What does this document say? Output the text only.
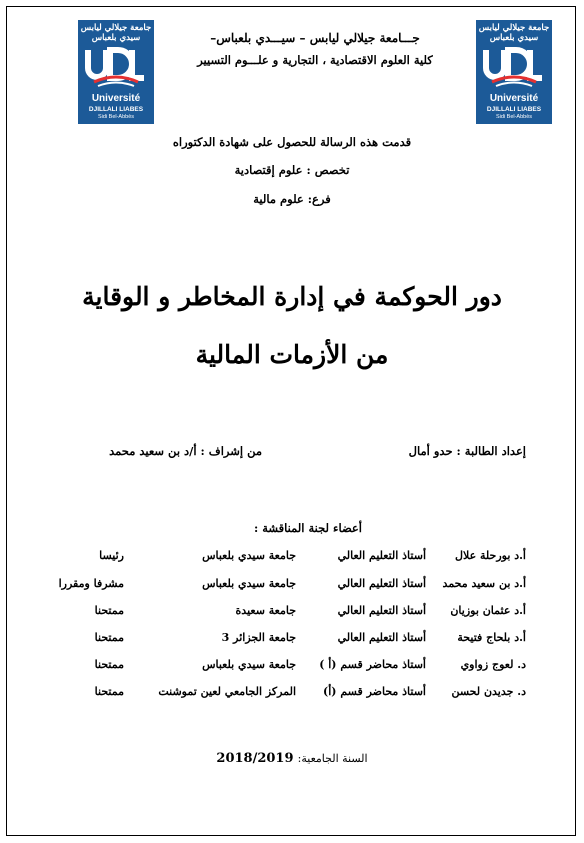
جامعة جيلالي ليابس
سيدي بلعباس
Université
DJILLALI LIABES
Sidi Bel-Abbès
جامعة جيلالي ليابس
سيدي بلعباس
Université
DJILLALI LIABES
Sidi Bel-Abbès
جـــامعة جيلالي ليابس – سيـــدي بلعباس–
كلية العلوم الاقتصادية ، التجارية و علـــوم التسيير
قدمت هذه الرسالة للحصول على شهادة الدكتوراه
تخصص : علوم إقتصادية
فرع: علوم مالية
دور الحوكمة في إدارة المخاطر و الوقاية
من الأزمات المالية
إعداد الطالبة : حدو أمال
من إشراف : أ/د بن سعيد محمد
أعضاء لجنة المناقشة :
أ.د بورحلة علال
أستاذ التعليم العالي
جامعة سيدي بلعباس
رئيسا
أ.د بن سعيد محمد
أستاذ التعليم العالي
جامعة سيدي بلعباس
مشرفا ومقررا
أ.د عثمان بوزيان
أستاذ التعليم العالي
جامعة سعيدة
ممتحنا
أ.د بلحاج فتيحة
أستاذ التعليم العالي
جامعة الجزائر 3
ممتحنا
د. لعوج زواوي
أستاذ محاضر قسم (أ )
جامعة سيدي بلعباس
ممتحنا
د. جديدن لحسن
أستاذ محاضر قسم (أ)
المركز الجامعي لعين تموشنت
ممتحنا
السنة الجامعية: 2018/2019
